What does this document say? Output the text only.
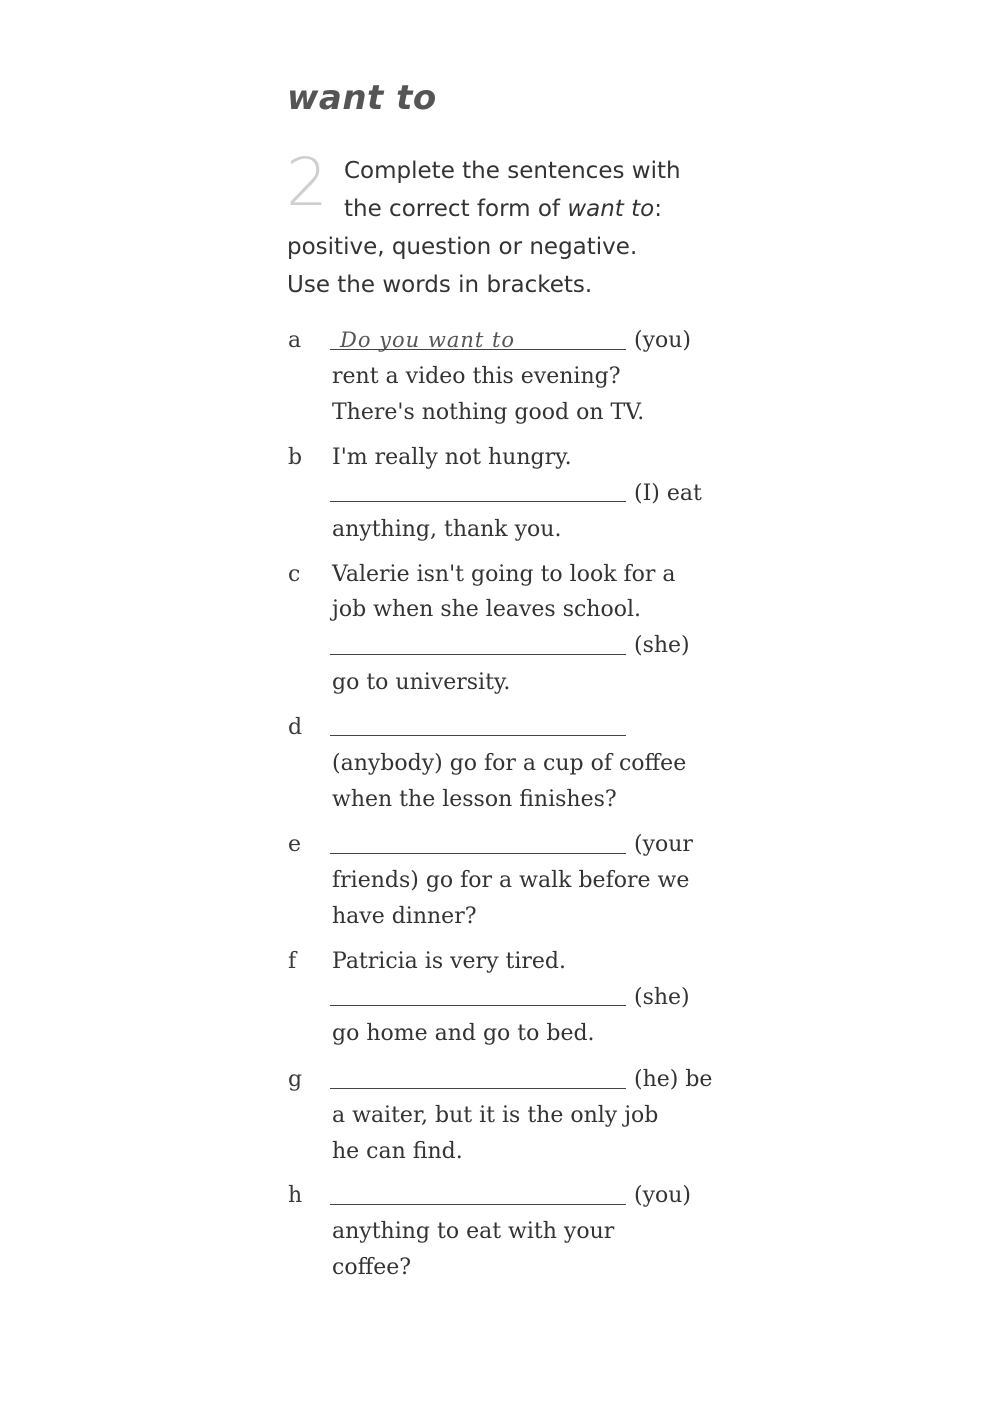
want to
2 Complete the sentences with
the correct form of want to:
positive, question or negative.
Use the words in brackets.
a Do you want to	(you)
rent a video this evening?
There's nothing good on TV.
b I'm really not hungry.
(I) eat
anything, thank you.
c Valerie isn't going to look for a
job when she leaves school.
(she)
go to university.
d
(anybody) go for a cup of coffee
when the lesson finishes?
e	(your
friends) go for a walk before we
have dinner?
f Patricia is very tired.
(she)
go home and go to bed.
g	(he) be
a waiter, but it is the only job
he can find.
h	(you)
anything to eat with your
coffee?
